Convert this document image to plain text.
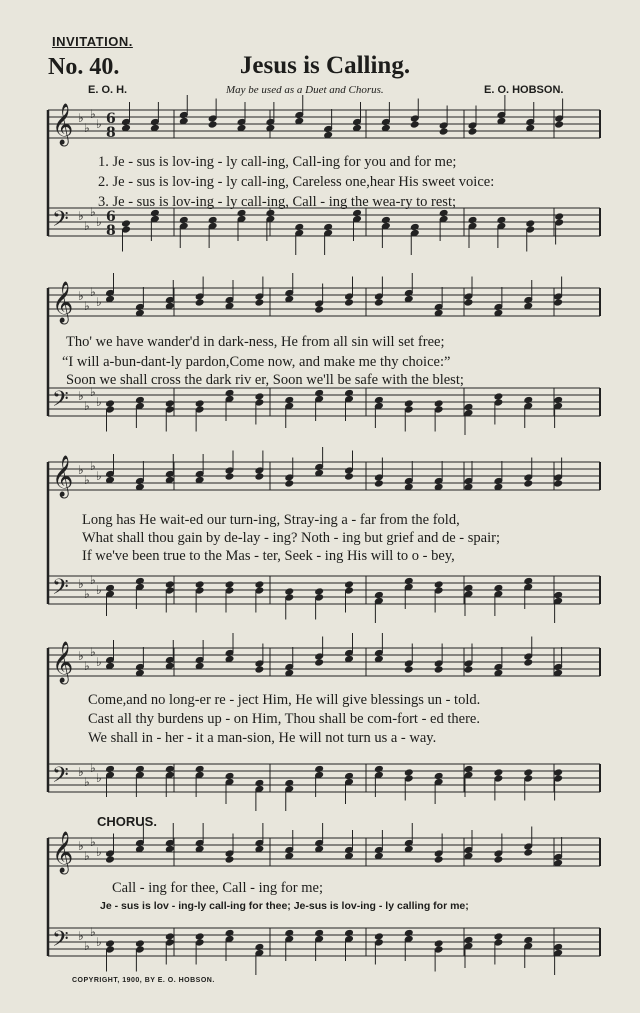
INVITATION.
No. 40.	Jesus is Calling.
E. O. H.	May be used as a Duet and Chorus.	E. O. HOBSON.
𝄞 ♭
♭
♭
♭ 6
8
𝄢 ♭
♭
♭
♭ 6
8
1. Je - sus is lov-ing - ly call-ing, Call-ing for you and for me;
2. Je - sus is lov-ing - ly call-ing, Careless one,hear His sweet voice:
3. Je - sus is lov-ing - ly call-ing, Call - ing the wea-ry to rest;
𝄞 ♭
♭
♭
♭
𝄢 ♭
♭
♭
♭
Tho' we have wander'd in dark-ness, He from all sin will set free;
“I will a-bun-dant-ly pardon,Come now, and make me thy choice:”
Soon we shall cross the dark riv er, Soon we'll be safe with the blest;
𝄞 ♭
♭
♭
♭
𝄢 ♭
♭
♭
♭
Long has He wait-ed our turn-ing, Stray-ing a - far from the fold,
What shall thou gain by de-lay - ing? Noth - ing but grief and de - spair;
If we've been true to the Mas - ter, Seek - ing His will to o - bey,
𝄞 ♭
♭
♭
♭
𝄢 ♭
♭
♭
♭
Come,and no long-er re - ject Him, He will give blessings un - told.
Cast all thy burdens up - on Him, Thou shall be com-fort - ed there.
We shall in - her - it a man-sion, He will not turn us a - way.
CHORUS.
𝄞 ♭
♭
♭
♭
𝄢 ♭
♭
♭
♭
Call - ing for thee, Call - ing for me;
Je - sus is lov - ing-ly call-ing for thee; Je-sus is lov-ing - ly calling for me;
COPYRIGHT, 1900, BY E. O. HOBSON.
